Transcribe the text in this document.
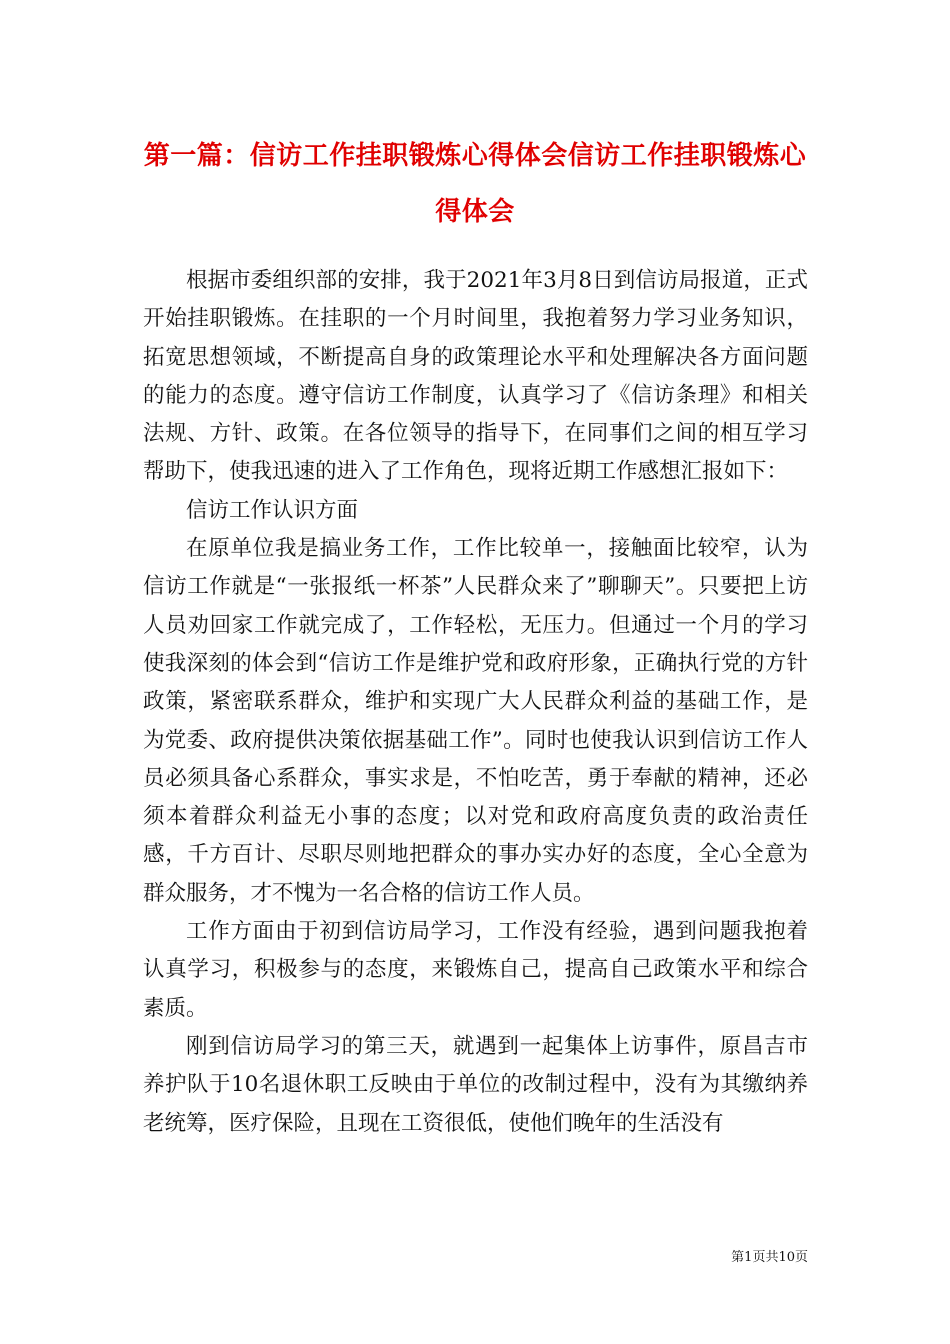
第一篇：信访工作挂职锻炼心得体会信访工作挂职锻炼心得体会

根据市委组织部的安排，我于2021年3月8日到信访局报道，正式开始挂职锻炼。在挂职的一个月时间里，我抱着努力学习业务知识，拓宽思想领域，不断提高自身的政策理论水平和处理解决各方面问题的能力的态度。遵守信访工作制度，认真学习了《信访条理》和相关法规、方针、政策。在各位领导的指导下，在同事们之间的相互学习帮助下，使我迅速的进入了工作角色，现将近期工作感想汇报如下：

信访工作认识方面

在原单位我是搞业务工作，工作比较单一，接触面比较窄，认为信访工作就是“一张报纸一杯茶”人民群众来了”聊聊天”。只要把上访人员劝回家工作就完成了，工作轻松，无压力。但通过一个月的学习使我深刻的体会到“信访工作是维护党和政府形象，正确执行党的方针政策，紧密联系群众，维护和实现广大人民群众利益的基础工作，是为党委、政府提供决策依据基础工作”。同时也使我认识到信访工作人员必须具备心系群众，事实求是，不怕吃苦，勇于奉献的精神，还必须本着群众利益无小事的态度；以对党和政府高度负责的政治责任感，千方百计、尽职尽则地把群众的事办实办好的态度，全心全意为群众服务，才不愧为一名合格的信访工作人员。

工作方面由于初到信访局学习，工作没有经验，遇到问题我抱着认真学习，积极参与的态度，来锻炼自己，提高自己政策水平和综合素质。

刚到信访局学习的第三天，就遇到一起集体上访事件，原昌吉市养护队于10名退休职工反映由于单位的改制过程中，没有为其缴纳养老统筹，医疗保险，且现在工资很低，使他们晚年的生活没有

第1页共10页
